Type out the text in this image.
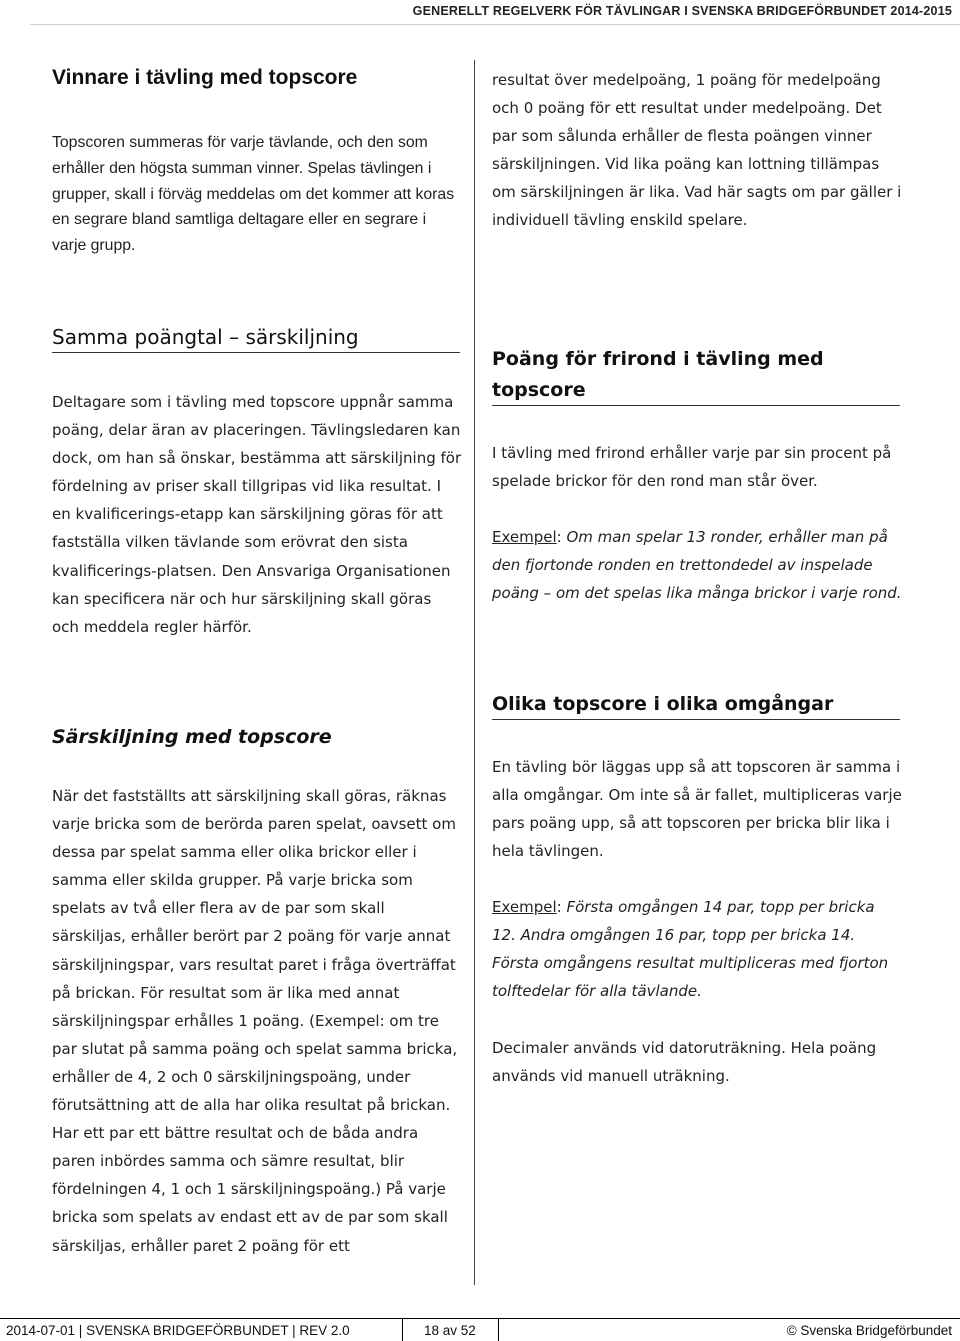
GENERELLT REGELVERK FÖR TÄVLINGAR I SVENSKA BRIDGEFÖRBUNDET 2014-2015
Vinnare i tävling med topscore

Topscoren summeras för varje tävlande, och den som erhåller den högsta summan vinner. Spelas tävlingen i grupper, skall i förväg meddelas om det kommer att koras en segrare bland samtliga deltagare eller en segrare i varje grupp.

Samma poängtal – särskiljning

Deltagare som i tävling med topscore uppnår samma poäng, delar äran av placeringen. Tävlingsledaren kan dock, om han så önskar, bestämma att särskiljning för fördelning av priser skall tillgripas vid lika resultat. I en kvalificerings-etapp kan särskiljning göras för att fastställa vilken tävlande som erövrat den sista kvalificerings-platsen. Den Ansvariga Organisationen kan specificera när och hur särskiljning skall göras och meddela regler härför.

Särskiljning med topscore

När det fastställts att särskiljning skall göras, räknas varje bricka som de berörda paren spelat, oavsett om dessa par spelat samma eller olika brickor eller i samma eller skilda grupper. På varje bricka som spelats av två eller flera av de par som skall särskiljas, erhåller berört par 2 poäng för varje annat särskiljningspar, vars resultat paret i fråga överträffat på brickan. För resultat som är lika med annat särskiljningspar erhålles 1 poäng. (Exempel: om tre par slutat på samma poäng och spelat samma bricka, erhåller de 4, 2 och 0 särskiljningspoäng, under förutsättning att de alla har olika resultat på brickan. Har ett par ett bättre resultat och de båda andra paren inbördes samma och sämre resultat, blir fördelningen 4, 1 och 1 särskiljningspoäng.) På varje bricka som spelats av endast ett av de par som skall särskiljas, erhåller paret 2 poäng för ett

resultat över medelpoäng, 1 poäng för medelpoäng och 0 poäng för ett resultat under medelpoäng. Det par som sålunda erhåller de flesta poängen vinner särskiljningen. Vid lika poäng kan lottning tillämpas om särskiljningen är lika. Vad här sagts om par gäller i individuell tävling enskild spelare.

Poäng för frirond i tävling med topscore

I tävling med frirond erhåller varje par sin procent på spelade brickor för den rond man står över.

Exempel: Om man spelar 13 ronder, erhåller man på den fjortonde ronden en trettondedel av inspelade poäng – om det spelas lika många brickor i varje rond.

Olika topscore i olika omgångar

En tävling bör läggas upp så att topscoren är samma i alla omgångar. Om inte så är fallet, multipliceras varje pars poäng upp, så att topscoren per bricka blir lika i hela tävlingen.

Exempel: Första omgången 14 par, topp per bricka 12. Andra omgången 16 par, topp per bricka 14. Första omgångens resultat multipliceras med fjorton tolftedelar för alla tävlande.

Decimaler används vid datoruträkning. Hela poäng används vid manuell uträkning.

2014-07-01 | SVENSKA BRIDGEFÖRBUNDET | REV 2.0	18 av 52	© Svenska Bridgeförbundet
